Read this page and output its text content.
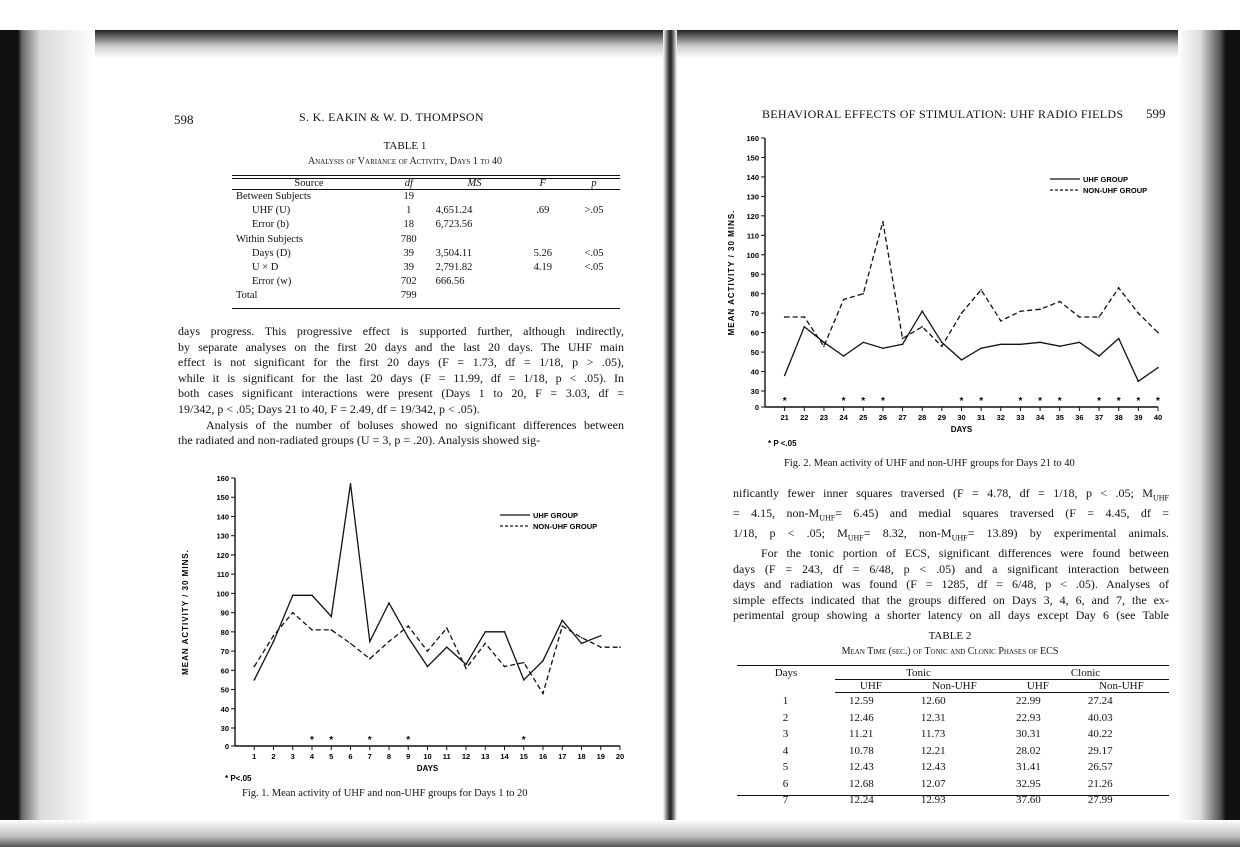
598	S. K. EAKIN & W. D. THOMPSON
TABLE 1
Analysis of Variance of Activity, Days 1 to 40
Source	df	MS	F	p
Between Subjects	19			
UHF (U)	1	4,651.24	.69	>.05
Error (b)	18	6,723.56		
Within Subjects	780			
Days (D)	39	3,504.11	5.26	<.05
U × D	39	2,791.82	4.19	<.05
Error (w)	702	666.56		
Total	799			

days progress. This progressive effect is supported further, although indirectly,

by separate analyses on the first 20 days and the last 20 days. The UHF main

effect is not significant for the first 20 days (F = 1.73, df = 1/18, p > .05),

while it is significant for the last 20 days (F = 11.99, df = 1/18, p < .05). In

both cases significant interactions were present (Days 1 to 20, F = 3.03, df =

19/342, p < .05; Days 21 to 40, F = 2.49, df = 19/342, p < .05).

Analysis of the number of boluses showed no significant differences between

the radiated and non-radiated groups (U = 3, p = .20). Analysis showed sig-

0
30
40
50
60
70
80
90
100
110
120
130
140
150
160
1 2 3 4 5 6 7 8 9 10 11 12 13 14 15 16 17 18 19 20
DAYS
MEAN ACTIVITY / 30 MINS.
* *	*	*	*
* P<.05
UHF GROUP
NON-UHF GROUP
Fig. 1. Mean activity of UHF and non-UHF groups for Days 1 to 20
BEHAVIORAL EFFECTS OF STIMULATION: UHF RADIO FIELDS 599
0
30
40
50
60
70
80
90
100
110
120
130
140
150
160
21 22 23 24 25 26 27 28 29 30 31 32 33 34 35 36 37 38 39 40
DAYS
MEAN ACTIVITY / 30 MINS.
*	* * *	* *	* * *	* * * *
* P <.05
UHF GROUP
NON-UHF GROUP
Fig. 2. Mean activity of UHF and non-UHF groups for Days 21 to 40

nificantly fewer inner squares traversed (F = 4.78, df = 1/18, p < .05; $M_{UHF}$

= 4.15, non-$M_{UHF}= 6.45$) and medial squares traversed (F = 4.45, df =

1/18, p < .05; $M_{UHF}= 8.32$, non-$M_{UHF}= 13.89$) by experimental animals.

For the tonic portion of ECS, significant differences were found between

days (F = 243, df = 6/48, p < .05) and a significant interaction between

days and radiation was found (F = 1285, df = 6/48, p < .05). Analyses of

simple effects indicated that the groups differed on Days 3, 4, 6, and 7, the ex-

perimental group showing a shorter latency on all days except Day 6 (see Table

TABLE 2
Mean Time (sec.) of Tonic and Clonic Phases of ECS
Days	Tonic		Clonic	
	UHF	Non-UHF	UHF	Non-UHF
1	12.59	12.60	22.99	27.24
2	12.46	12.31	22.93	40.03
3	11.21	11.73	30.31	40.22
4	10.78	12.21	28.02	29.17
5	12.43	12.43	31.41	26.57
6	12.68	12.07	32.95	21.26
7	12.24	12.93	37.60	27.99
